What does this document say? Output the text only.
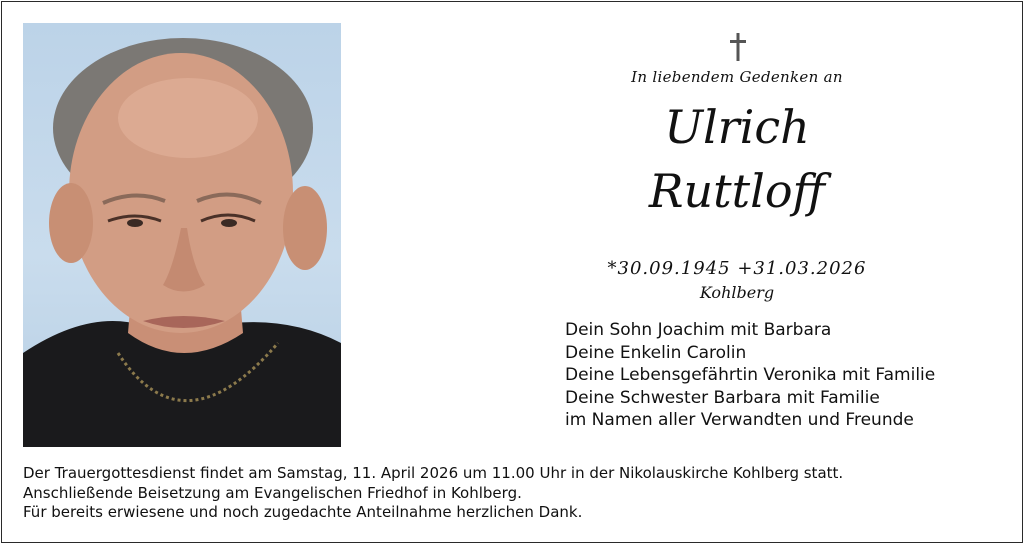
In liebendem Gedenken an
Ulrich
Ruttloff
*30.09.1945 +31.03.2026
Kohlberg
Dein Sohn Joachim mit Barbara
Deine Enkelin Carolin
Deine Lebensgefährtin Veronika mit Familie
Deine Schwester Barbara mit Familie
im Namen aller Verwandten und Freunde
Der Trauergottesdienst findet am Samstag, 11. April 2026 um 11.00 Uhr in der Nikolauskirche Kohlberg statt.
Anschließende Beisetzung am Evangelischen Friedhof in Kohlberg.
Für bereits erwiesene und noch zugedachte Anteilnahme herzlichen Dank.
